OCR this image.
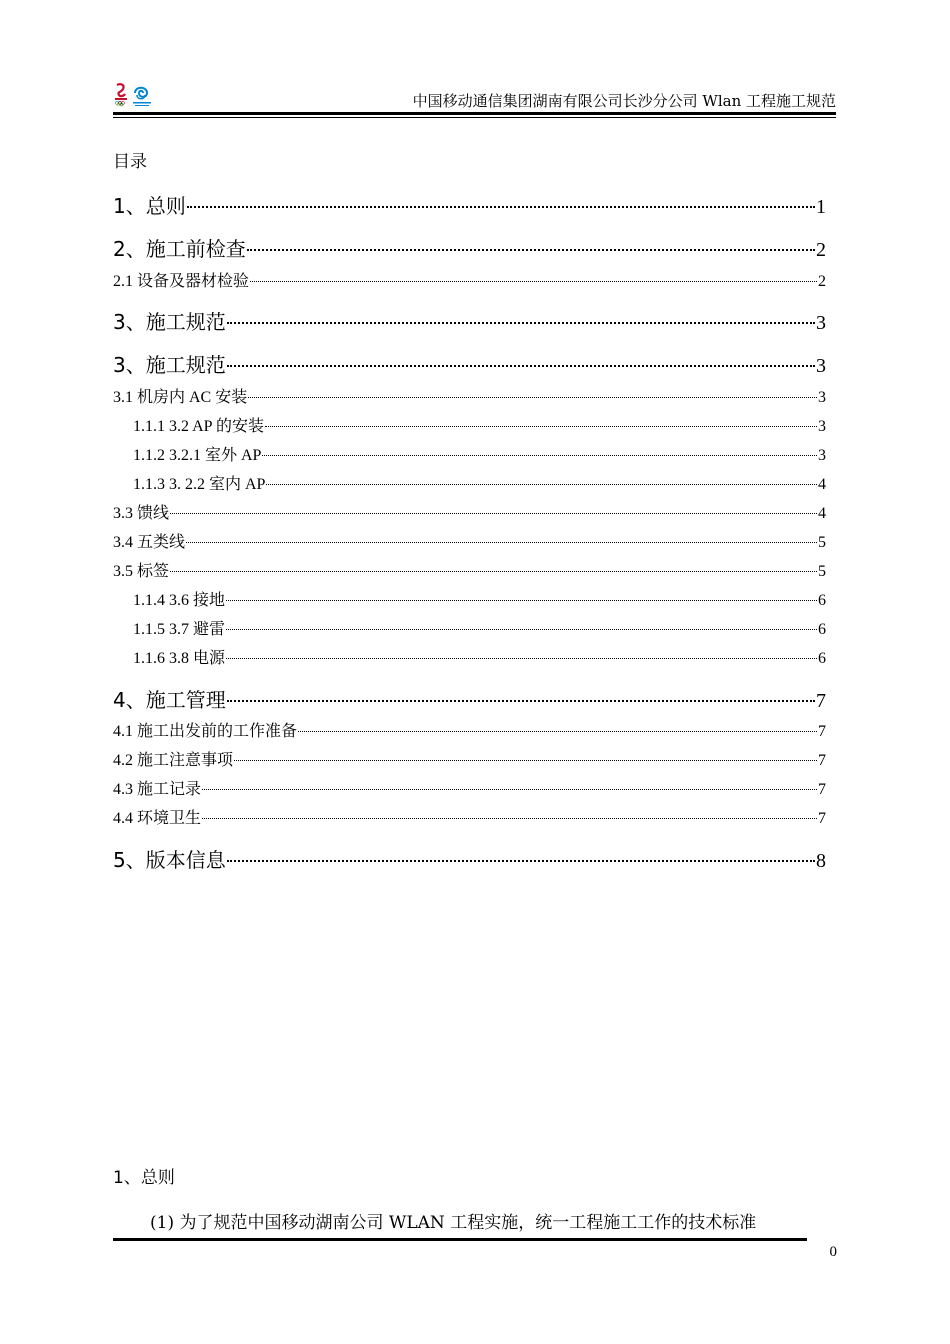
中国移动通信集团湖南有限公司长沙分公司 Wlan 工程施工规范
目录
1、总则	1
2、施工前检查	2
2.1 设备及器材检验	2
3、施工规范	3
3、施工规范	3
3.1 机房内 AC 安装	3
1.1.1 3.2 AP 的安装	3
1.1.2 3.2.1 室外 AP	3
1.1.3 3. 2.2 室内 AP	4
3.3 馈线	4
3.4 五类线	5
3.5 标签	5
1.1.4 3.6 接地	6
1.1.5 3.7 避雷	6
1.1.6 3.8 电源	6
4、施工管理	7
4.1 施工出发前的工作准备	7
4.2 施工注意事项	7
4.3 施工记录	7
4.4 环境卫生	7
5、版本信息	8
1、总则
(1) 为了规范中国移动湖南公司 WLAN 工程实施，统一工程施工工作的技术标准
0
